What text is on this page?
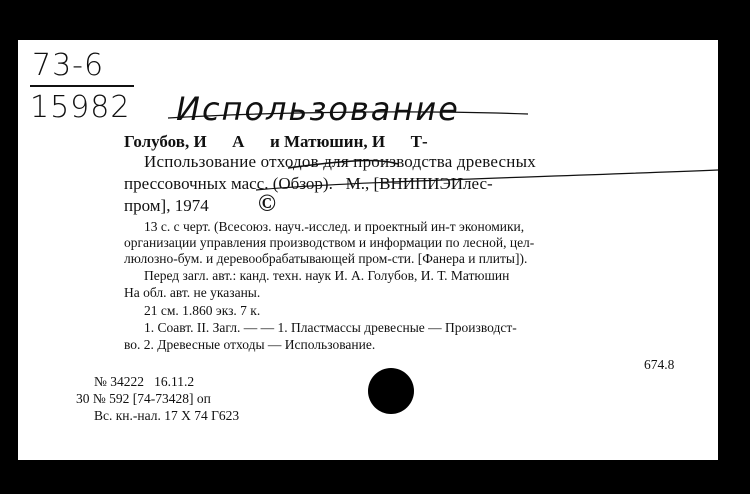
73-6
15982 Использование
Голубов, И      А      и Матюшин, И      Т-
Использование отходов для производства древесных
прессовочных масс. (Обзор).   М., [ВНИПИЭИлес-
пром], 1974 ©
13 с. с черт. (Всесоюз. науч.-исслед. и проектный ин-т экономики,
организации управления производством и информации по лесной, цел-
люлозно-бум. и деревообрабатывающей пром-сти. [Фанера и плиты]).
Перед загл. авт.: канд. техн. наук И. А. Голубов, И. Т. Матюшин
На обл. авт. не указаны.
21 см. 1.860 экз. 7 к.
1. Соавт. II. Загл. — — 1. Пластмассы древесные — Производст-
во. 2. Древесные отходы — Использование.
674.8
№ 34222   16.11.2
30 № 592 [74-73428] оп
Вс. кн.-нал. 17 Х 74 Г623
